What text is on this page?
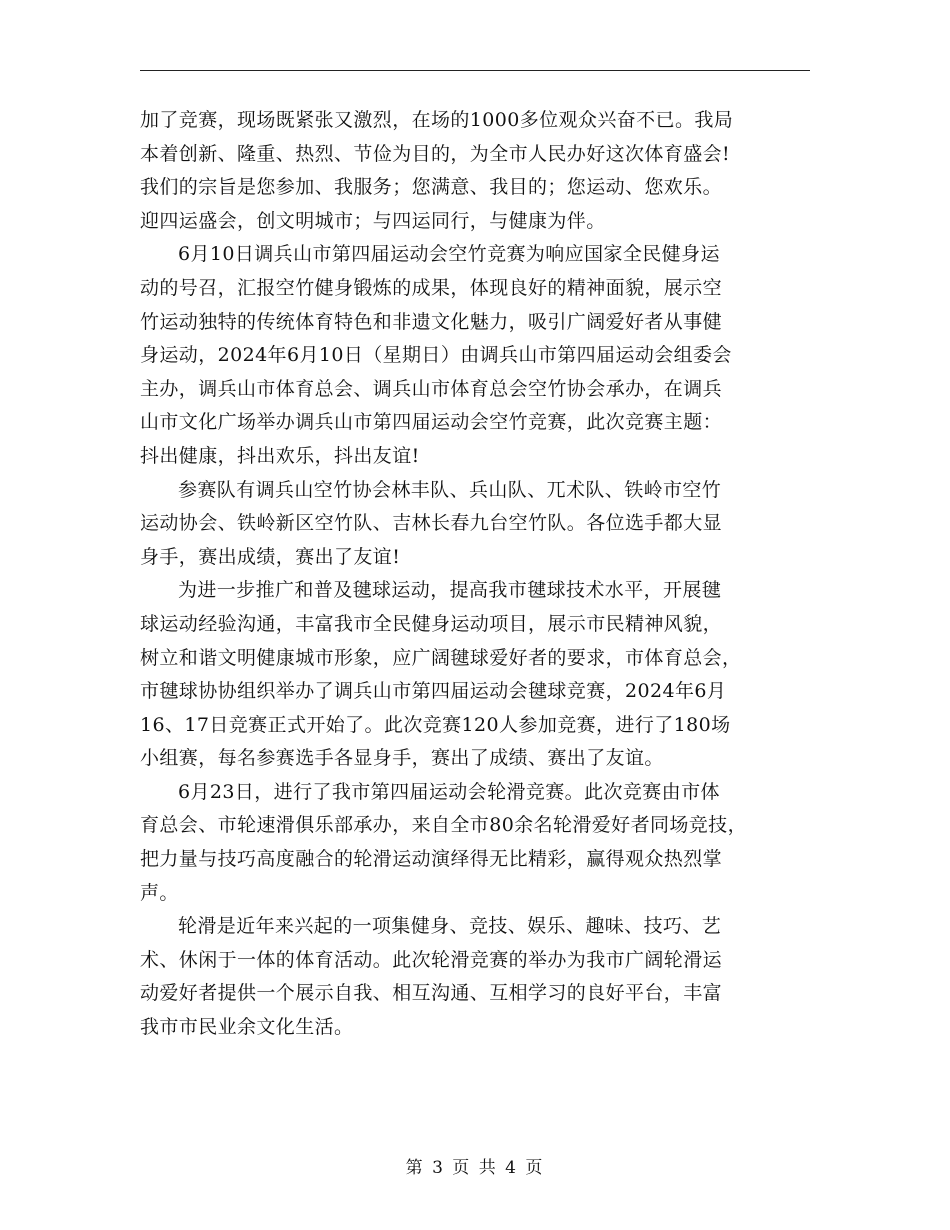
加了竞赛，现场既紧张又激烈，在场的1000多位观众兴奋不已。我局
本着创新、隆重、热烈、节俭为目的，为全市人民办好这次体育盛会!
我们的宗旨是您参加、我服务；您满意、我目的；您运动、您欢乐。
迎四运盛会，创文明城市；与四运同行，与健康为伴。

6月10日调兵山市第四届运动会空竹竞赛为响应国家全民健身运
动的号召，汇报空竹健身锻炼的成果，体现良好的精神面貌，展示空
竹运动独特的传统体育特色和非遗文化魅力，吸引广阔爱好者从事健
身运动，2024年6月10日（星期日）由调兵山市第四届运动会组委会
主办，调兵山市体育总会、调兵山市体育总会空竹协会承办，在调兵
山市文化广场举办调兵山市第四届运动会空竹竞赛，此次竞赛主题：
抖出健康，抖出欢乐，抖出友谊!

参赛队有调兵山空竹协会林丰队、兵山队、兀术队、铁岭市空竹
运动协会、铁岭新区空竹队、吉林长春九台空竹队。各位选手都大显
身手，赛出成绩，赛出了友谊!

为进一步推广和普及毽球运动，提高我市毽球技术水平，开展毽
球运动经验沟通，丰富我市全民健身运动项目，展示市民精神风貌，
树立和谐文明健康城市形象，应广阔毽球爱好者的要求，市体育总会，
市毽球协协组织举办了调兵山市第四届运动会毽球竞赛，2024年6月
16、17日竞赛正式开始了。此次竞赛120人参加竞赛，进行了180场
小组赛，每名参赛选手各显身手，赛出了成绩、赛出了友谊。

6月23日，进行了我市第四届运动会轮滑竞赛。此次竞赛由市体
育总会、市轮速滑俱乐部承办，来自全市80余名轮滑爱好者同场竞技，
把力量与技巧高度融合的轮滑运动演绎得无比精彩，赢得观众热烈掌
声。

轮滑是近年来兴起的一项集健身、竞技、娱乐、趣味、技巧、艺
术、休闲于一体的体育活动。此次轮滑竞赛的举办为我市广阔轮滑运
动爱好者提供一个展示自我、相互沟通、互相学习的良好平台，丰富
我市市民业余文化生活。

第 3 页 共 4 页
